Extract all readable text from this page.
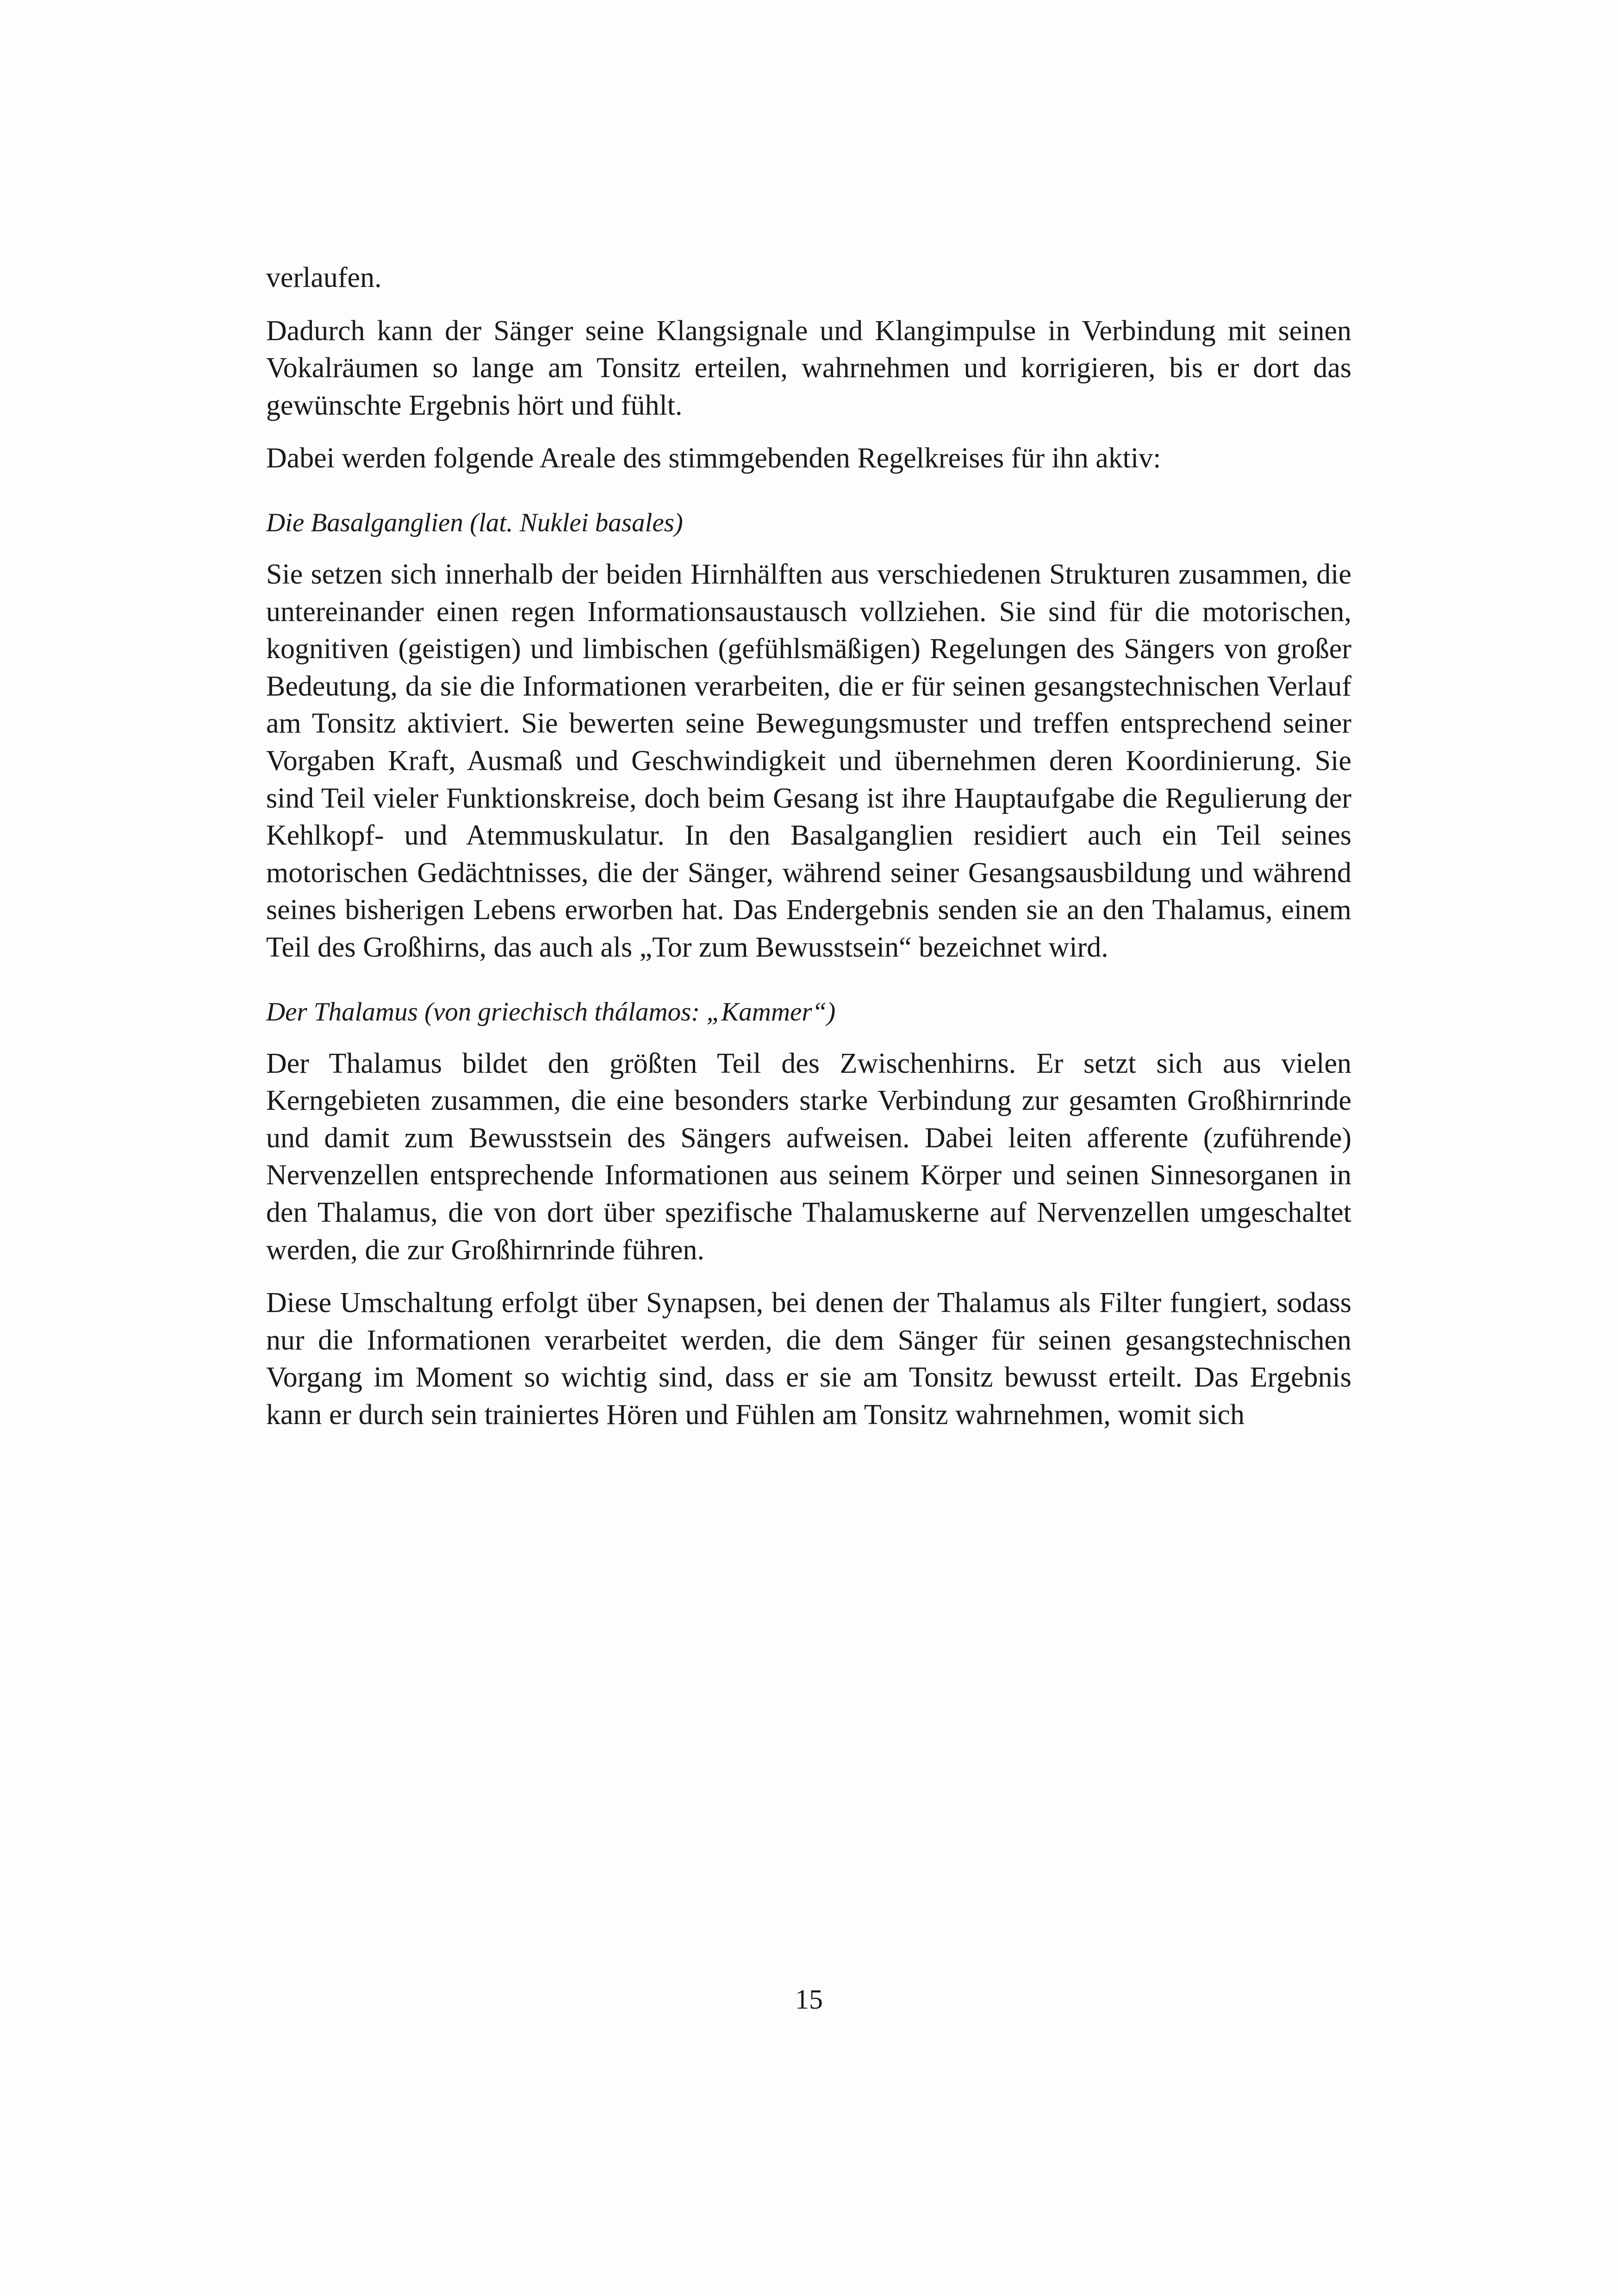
verlaufen.

Dadurch kann der Sänger seine Klangsignale und Klangimpulse in Verbindung mit seinen Vokalräumen so lange am Tonsitz erteilen, wahrnehmen und korrigieren, bis er dort das gewünschte Ergebnis hört und fühlt.

Dabei werden folgende Areale des stimmgebenden Regelkreises für ihn aktiv:

Die Basalganglien (lat. Nuklei basales)

Sie setzen sich innerhalb der beiden Hirnhälften aus verschiedenen Strukturen zusammen, die untereinander einen regen Informationsaustausch vollziehen. Sie sind für die motorischen, kognitiven (geistigen) und limbischen (gefühlsmäßigen) Regelungen des Sängers von großer Bedeutung, da sie die Informationen verarbeiten, die er für seinen gesangstechnischen Verlauf am Tonsitz aktiviert. Sie bewerten seine Bewegungsmuster und treffen entsprechend seiner Vorgaben Kraft, Ausmaß und Geschwindigkeit und übernehmen deren Koordinierung. Sie sind Teil vieler Funktionskreise, doch beim Gesang ist ihre Hauptaufgabe die Regulierung der Kehlkopf- und Atemmuskulatur. In den Basalganglien residiert auch ein Teil seines motorischen Gedächtnisses, die der Sänger, während seiner Gesangsausbildung und während seines bisherigen Lebens erworben hat. Das Endergebnis senden sie an den Thalamus, einem Teil des Großhirns, das auch als „Tor zum Bewusstsein“ bezeichnet wird.

Der Thalamus (von griechisch thálamos: „Kammer“)

Der Thalamus bildet den größten Teil des Zwischenhirns. Er setzt sich aus vielen Kerngebieten zusammen, die eine besonders starke Verbindung zur gesamten Großhirnrinde und damit zum Bewusstsein des Sängers aufweisen. Dabei leiten afferente (zuführende) Nervenzellen entsprechende Informationen aus seinem Körper und seinen Sinnesorganen in den Thalamus, die von dort über spezifische Thalamuskerne auf Nervenzellen umgeschaltet werden, die zur Großhirnrinde führen.

Diese Umschaltung erfolgt über Synapsen, bei denen der Thalamus als Filter fungiert, sodass nur die Informationen verarbeitet werden, die dem Sänger für seinen gesangstechnischen Vorgang im Moment so wichtig sind, dass er sie am Tonsitz bewusst erteilt. Das Ergebnis kann er durch sein trainiertes Hören und Fühlen am Tonsitz wahrnehmen, womit sich

15
